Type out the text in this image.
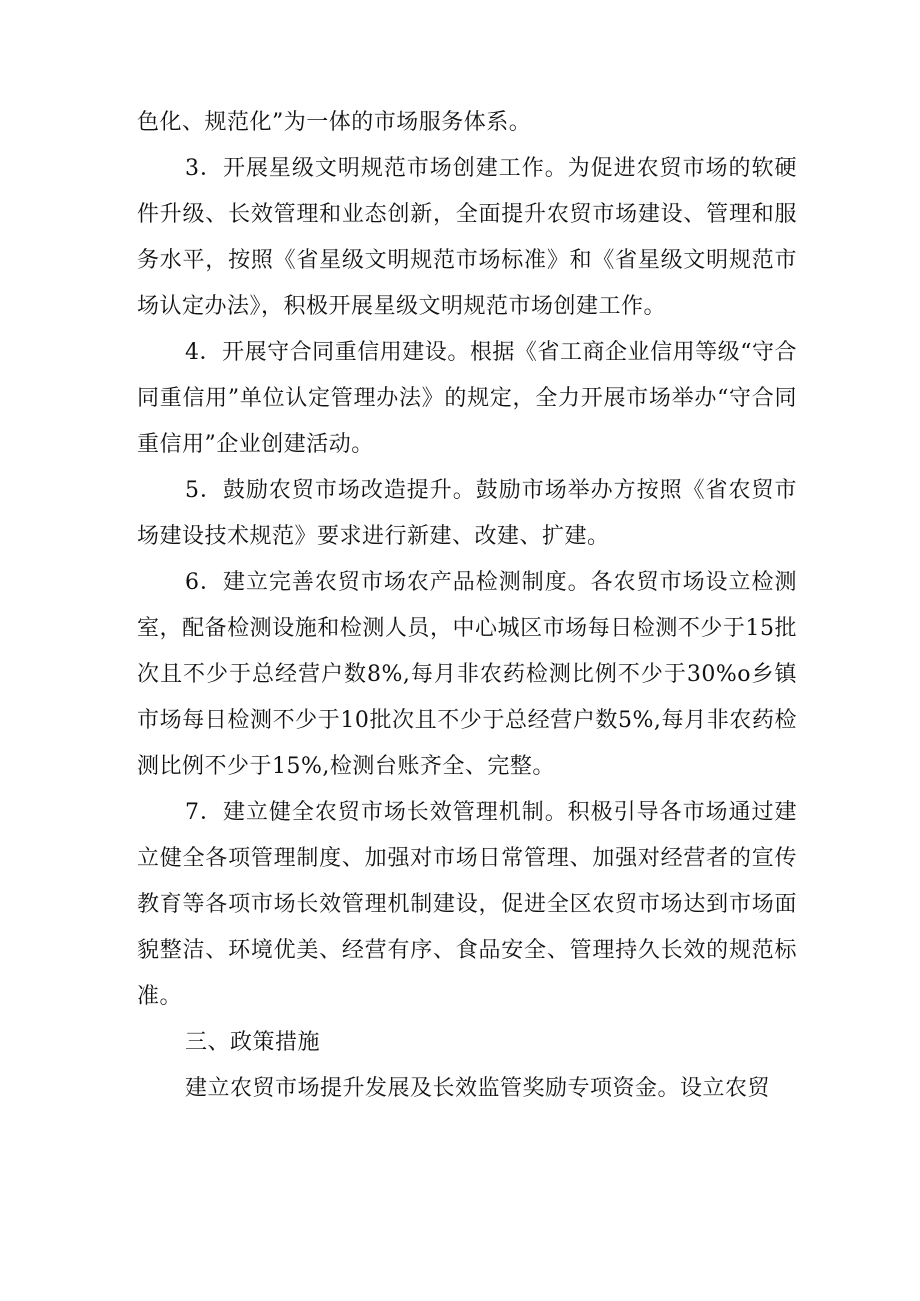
色化、规范化”为一体的市场服务体系。

3．开展星级文明规范市场创建工作。为促进农贸市场的软硬件升级、长效管理和业态创新，全面提升农贸市场建设、管理和服务水平，按照《省星级文明规范市场标准》和《省星级文明规范市场认定办法》，积极开展星级文明规范市场创建工作。

4．开展守合同重信用建设。根据《省工商企业信用等级“守合同重信用”单位认定管理办法》的规定，全力开展市场举办“守合同重信用”企业创建活动。

5．鼓励农贸市场改造提升。鼓励市场举办方按照《省农贸市场建设技术规范》要求进行新建、改建、扩建。

6．建立完善农贸市场农产品检测制度。各农贸市场设立检测室，配备检测设施和检测人员，中心城区市场每日检测不少于15批次且不少于总经营户数8%,每月非农药检测比例不少于30%o乡镇市场每日检测不少于10批次且不少于总经营户数5%,每月非农药检测比例不少于15%,检测台账齐全、完整。

7．建立健全农贸市场长效管理机制。积极引导各市场通过建立健全各项管理制度、加强对市场日常管理、加强对经营者的宣传教育等各项市场长效管理机制建设，促进全区农贸市场达到市场面貌整洁、环境优美、经营有序、食品安全、管理持久长效的规范标准。

三、政策措施

建立农贸市场提升发展及长效监管奖励专项资金。设立农贸
